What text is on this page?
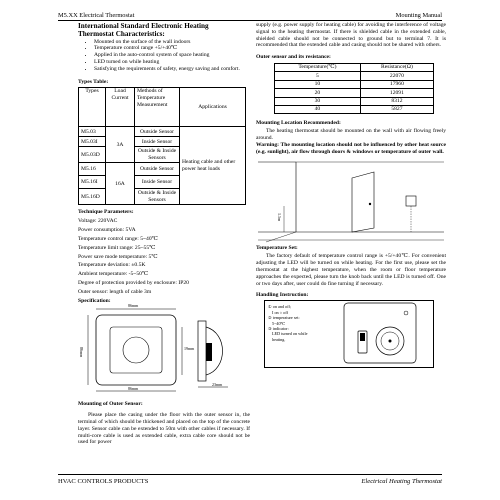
M5.XX Electrical Thermostat	Mounting Manual
International Standard Electronic Heating
Thermostat Characteristics:
• Mounted on the surface of the wall indoors
• Temperature control range +5/+40℃
• Applied in the auto-control system of space heating
• LED turned on while heating
• Satisfying the requirements of safety, energy saving and comfort.
Types Table:
Types	Load Current	Methods of Temperature Measurement	Applications
M5.03	3A	Outside Sensor	Heating cable and other power heat loads
M5.03I		Inside Sensor	
M5.03D		Outside & Inside Sensors	
M5.16	16A	Outside Sensor	
M5.16I		Inside Sensor	
M5.16D		Outside & Inside Sensors	
Technique Parameters:
Voltage: 220VAC
Power consumption: 5VA
Temperature control range: 5~40℃
Temperature limit range: 25~55℃
Power save mode temperature: 5℃
Temperature deviation: ±0.5K
Ambient temperature: -5~50℃
Degree of protection provided by enclosure: IP20
Outer sensor: length of cable 3m
Specification:
86mm
86mm
86mm
23mm
19mm
Mounting of Outer Sensor:

Please place the casing under the floor with the outer sensor in, the terminal of which should be thickened and placed on the top of the concrete layer. Sensor cable can be extended to 50m with other cables if necessary. If multi-core cable is used as extended cable, extra cable core should not be used for power

supply (e.g. power supply for heating cable) for avoiding the interference of voltage signal to the heating thermostat. If there is shielded cable in the extended cable, shielded cable should not be connected to ground but to terminal 7. It is recommended that the extended cable and casing should not be shared with others.

Outer sensor and its resistance:
Temperature(℃)	Resistance(Ω)
5	22070
10	17960
20	12091
30	8312
40	5827
Mounting Location Recommended:

The heating thermostat should be mounted on the wall with air flowing freely around.

Warning: The mounting location should not be influenced by other heat source (e.g. sunlight), air flow through doors & windows or temperature of outer wall.

1.5m
Temperature Set:

The factory default of temperature control range is +5/+40℃. For convenient adjusting the LED will be turned on while heating. For the first use, please set the thermostat at the highest temperature, when the room or floor temperature approaches the expected, please turn the knob back until the LED is turned off. One or two days after, user could do fine turning if necessary.

Handling Instruction:
① on and off;
I on ○ off
② temperature set:
5~40℃
③ indicator:
LED turned on while
heating.
HVAC CONTROLS PRODUCTS	Electrical Heating Thermostat
